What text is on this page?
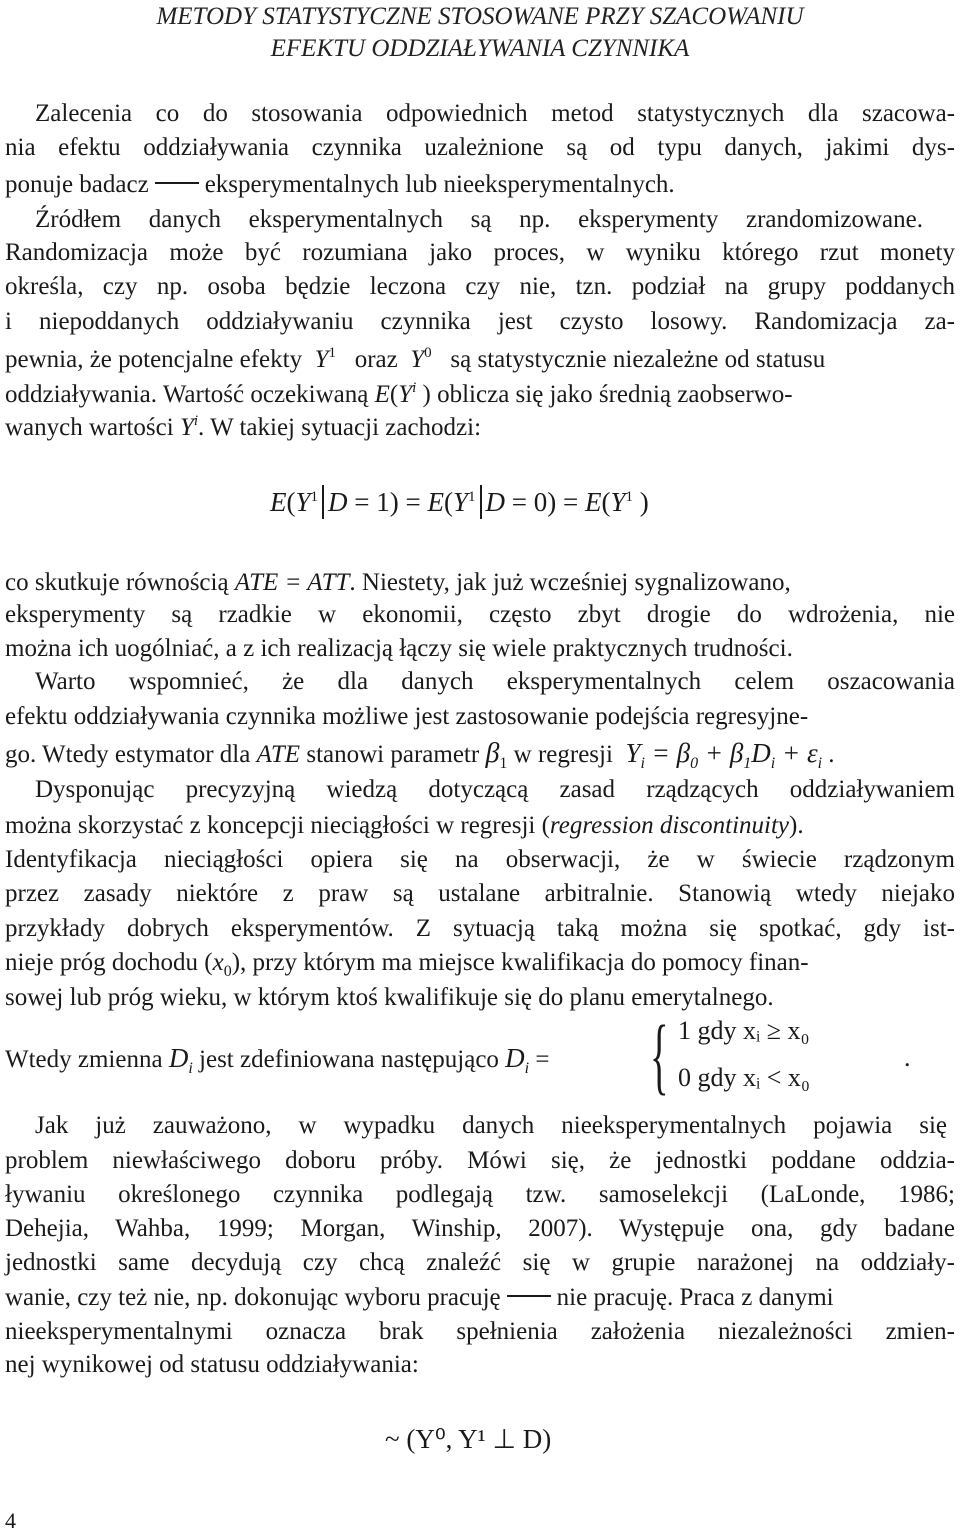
METODY STATYSTYCZNE STOSOWANE PRZY SZACOWANIU
EFEKTU ODDZIAŁYWANIA CZYNNIKA
Zalecenia co do stosowania odpowiednich metod statystycznych dla szacowa-
nia efektu oddziaływania czynnika uzależnione są od typu danych, jakimi dys-
ponuje badacz eksperymentalnych lub nieeksperymentalnych.
Źródłem danych eksperymentalnych są np. eksperymenty zrandomizowane.
Randomizacja może być rozumiana jako proces, w wyniku którego rzut monety
określa, czy np. osoba będzie leczona czy nie, tzn. podział na grupy poddanych
i niepoddanych oddziaływaniu czynnika jest czysto losowy. Randomizacja za-
pewnia, że potencjalne efekty $Y^1$ oraz $Y^0$ są statystycznie niezależne od statusu
oddziaływania. Wartość oczekiwaną $E(Y^i$ ) oblicza się jako średnią zaobserwo-
wanych wartości $Y^i$. W takiej sytuacji zachodzi:
$E(Y^1$ $D = 1) = E(Y^1$ $D = 0) = E(Y^1$ )
co skutkuje równością ATE = ATT. Niestety, jak już wcześniej sygnalizowano,
eksperymenty są rzadkie w ekonomii, często zbyt drogie do wdrożenia, nie
można ich uogólniać, a z ich realizacją łączy się wiele praktycznych trudności.
Warto wspomnieć, że dla danych eksperymentalnych celem oszacowania
efektu oddziaływania czynnika możliwe jest zastosowanie podejścia regresyjne-
go. Wtedy estymator dla ATE stanowi parametr $\beta_1$ w regresji $Y_i = \beta_0 + \beta_1D_i + \varepsilon_i$ .
Dysponując precyzyjną wiedzą dotyczącą zasad rządzących oddziaływaniem
można skorzystać z koncepcji nieciągłości w regresji (regression discontinuity).
Identyfikacja nieciągłości opiera się na obserwacji, że w świecie rządzonym
przez zasady niektóre z praw są ustalane arbitralnie. Stanowią wtedy niejako
przykłady dobrych eksperymentów. Z sytuacją taką można się spotkać, gdy ist-
nieje próg dochodu $(x_0)$, przy którym ma miejsce kwalifikacja do pomocy finan-
sowej lub próg wieku, w którym ktoś kwalifikuje się do planu emerytalnego.
Wtedy zmienna $D_i$ jest zdefiniowana następująco $D_i$ =	{ 1 gdy xᵢ ≥ x₀
0 gdy xᵢ < x₀
.
Jak już zauważono, w wypadku danych nieeksperymentalnych pojawia się
problem niewłaściwego doboru próby. Mówi się, że jednostki poddane oddzia-
ływaniu określonego czynnika podlegają tzw. samoselekcji (LaLonde, 1986;
Dehejia, Wahba, 1999; Morgan, Winship, 2007). Występuje ona, gdy badane
jednostki same decydują czy chcą znaleźć się w grupie narażonej na oddziały-
wanie, czy też nie, np. dokonując wyboru pracuję nie pracuję. Praca z danymi
nieeksperymentalnymi oznacza brak spełnienia założenia niezależności zmien-
nej wynikowej od statusu oddziaływania:
~ (Y⁰, Y¹ ⊥ D)
4
